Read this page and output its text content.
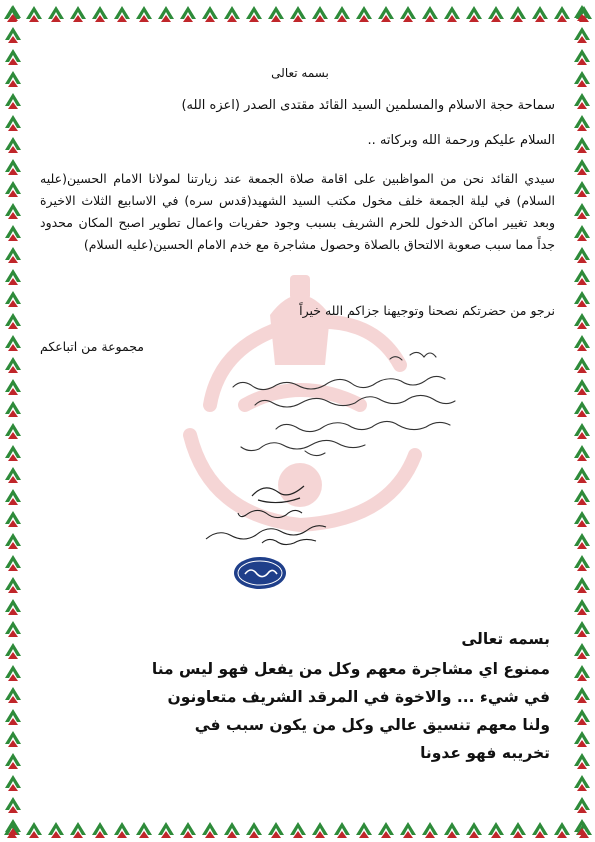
بسمه تعالى
سماحة حجة الاسلام والمسلمين السيد القائد مقتدى الصدر (اعزه الله)
السلام عليكم ورحمة الله وبركاته ..
سيدي القائد نحن من المواظبين على اقامة صلاة الجمعة عند زيارتنا لمولانا الامام الحسين(عليه السلام) في ليلة الجمعة خلف مخول مكتب السيد الشهيد(قدس سره) في الاسابيع الثلاث الاخيرة وبعد تغيير اماكن الدخول للحرم الشريف بسبب وجود حفريات واعمال تطوير اصبح المكان محدود جداً مما سبب صعوبة الالتحاق بالصلاة وحصول مشاجرة مع خدم الامام الحسين(عليه السلام)
نرجو من حضرتكم نصحنا وتوجيهنا جزاكم الله خيراً
مجموعة من اتباعكم
بسمه تعالى
ممنوع اي مشاجرة معهم وكل من يفعل فهو ليس منا
في شيء ... والاخوة في المرقد الشريف متعاونون
ولنا معهم تنسيق عالي وكل من يكون سبب في
تخريبه فهو عدونا
